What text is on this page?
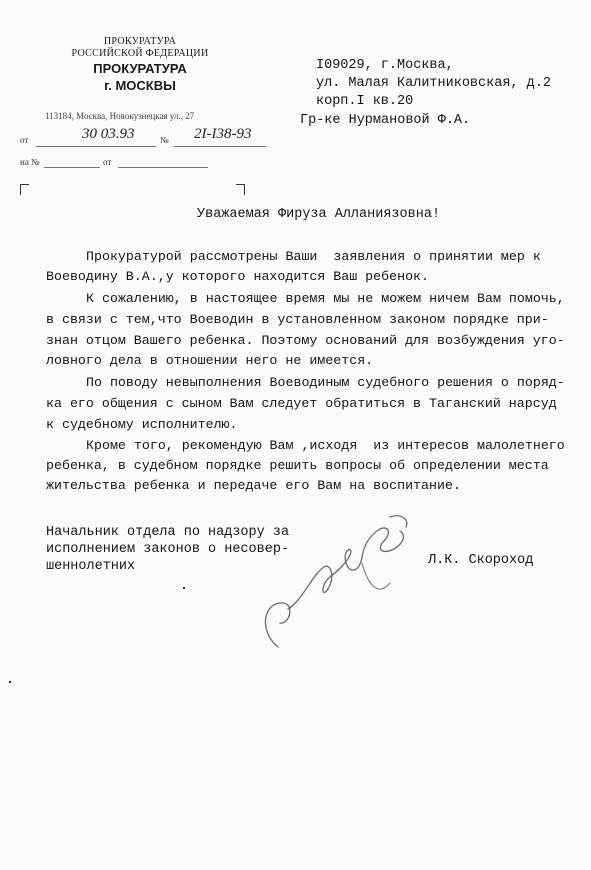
ПРОКУРАТУРА
РОССИЙСКОЙ ФЕДЕРАЦИИ
ПРОКУРАТУРА
г. МОСКВЫ
113184, Москва, Новокузнецкая ул., 27
от	30 03.93	№ 2I-I38-93
на №	от
I09029, г.Москва,
ул. Малая Калитниковская, д.2
корп.I кв.20
Гр-ке Нурмановой Ф.А.
Уважаемая Фируза Алланиязовна!
Прокуратурой рассмотрены Ваши  заявления о принятии мер к
Воеводину В.А.,у которого находится Ваш ребенок.
К сожалению, в настоящее время мы не можем ничем Вам помочь,
в связи с тем,что Воеводин в установленном законом порядке при-
знан отцом Вашего ребенка. Поэтому оснований для возбуждения уго-
ловного дела в отношении него не имеется.
По поводу невыполнения Воеводиным судебного решения о поряд-
ка его общения с сыном Вам следует обратиться в Таганский нарсуд
к судебному исполнителю.
Кроме того, рекомендую Вам ,исходя  из интересов малолетнего
ребенка, в судебном порядке решить вопросы об определении места
жительства ребенка и передаче его Вам на воспитание.
Начальник отдела по надзору за
исполнением законов о несовер-
шеннолетних	Л.К. Скороход
